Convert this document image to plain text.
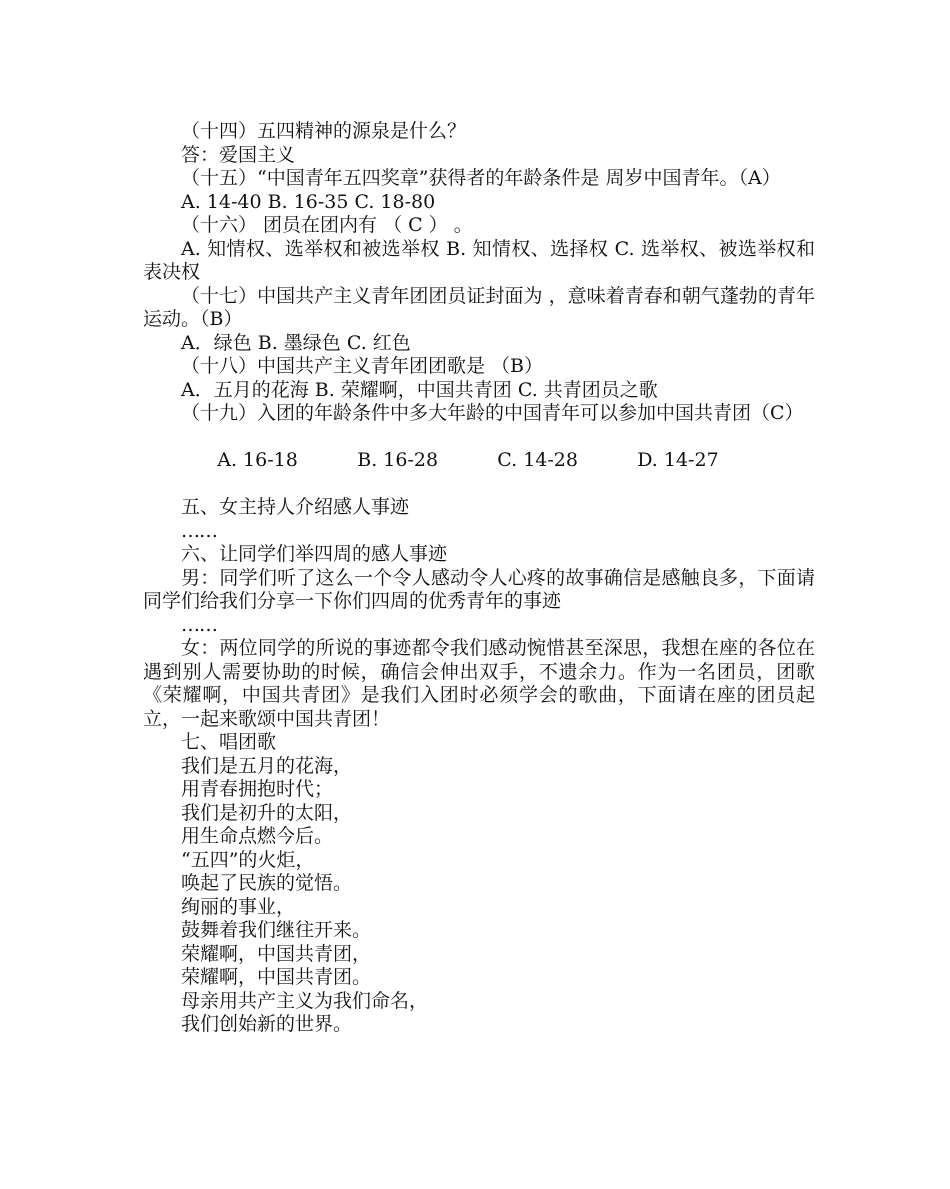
（十四）五四精神的源泉是什么？

答：爱国主义

（十五）“中国青年五四奖章”获得者的年龄条件是 周岁中国青年。（A）

A. 14-40 B. 16-35 C. 18-80

（十六） 团员在团内有 （ C ） 。

A. 知情权、选举权和被选举权 B. 知情权、选择权 C. 选举权、被选举权和表决权

（十七）中国共产主义青年团团员证封面为 ，意味着青春和朝气蓬勃的青年运动。（B）

A．绿色 B. 墨绿色 C. 红色

（十八）中国共产主义青年团团歌是 （B）

A．五月的花海 B. 荣耀啊，中国共青团 C. 共青团员之歌

（十九）入团的年龄条件中多大年龄的中国青年可以参加中国共青团（C）

A. 16-18	B. 16-28	C. 14-28	D. 14-27

五、女主持人介绍感人事迹

……

六、让同学们举四周的感人事迹

男：同学们听了这么一个令人感动令人心疼的故事确信是感触良多，下面请同学们给我们分享一下你们四周的优秀青年的事迹

……

女：两位同学的所说的事迹都令我们感动惋惜甚至深思，我想在座的各位在遇到别人需要协助的时候，确信会伸出双手，不遗余力。作为一名团员，团歌《荣耀啊，中国共青团》是我们入团时必须学会的歌曲，下面请在座的团员起立，一起来歌颂中国共青团！

七、唱团歌

我们是五月的花海，

用青春拥抱时代；

我们是初升的太阳，

用生命点燃今后。

“五四”的火炬，

唤起了民族的觉悟。

绚丽的事业，

鼓舞着我们继往开来。

荣耀啊，中国共青团，

荣耀啊，中国共青团。

母亲用共产主义为我们命名，

我们创始新的世界。
